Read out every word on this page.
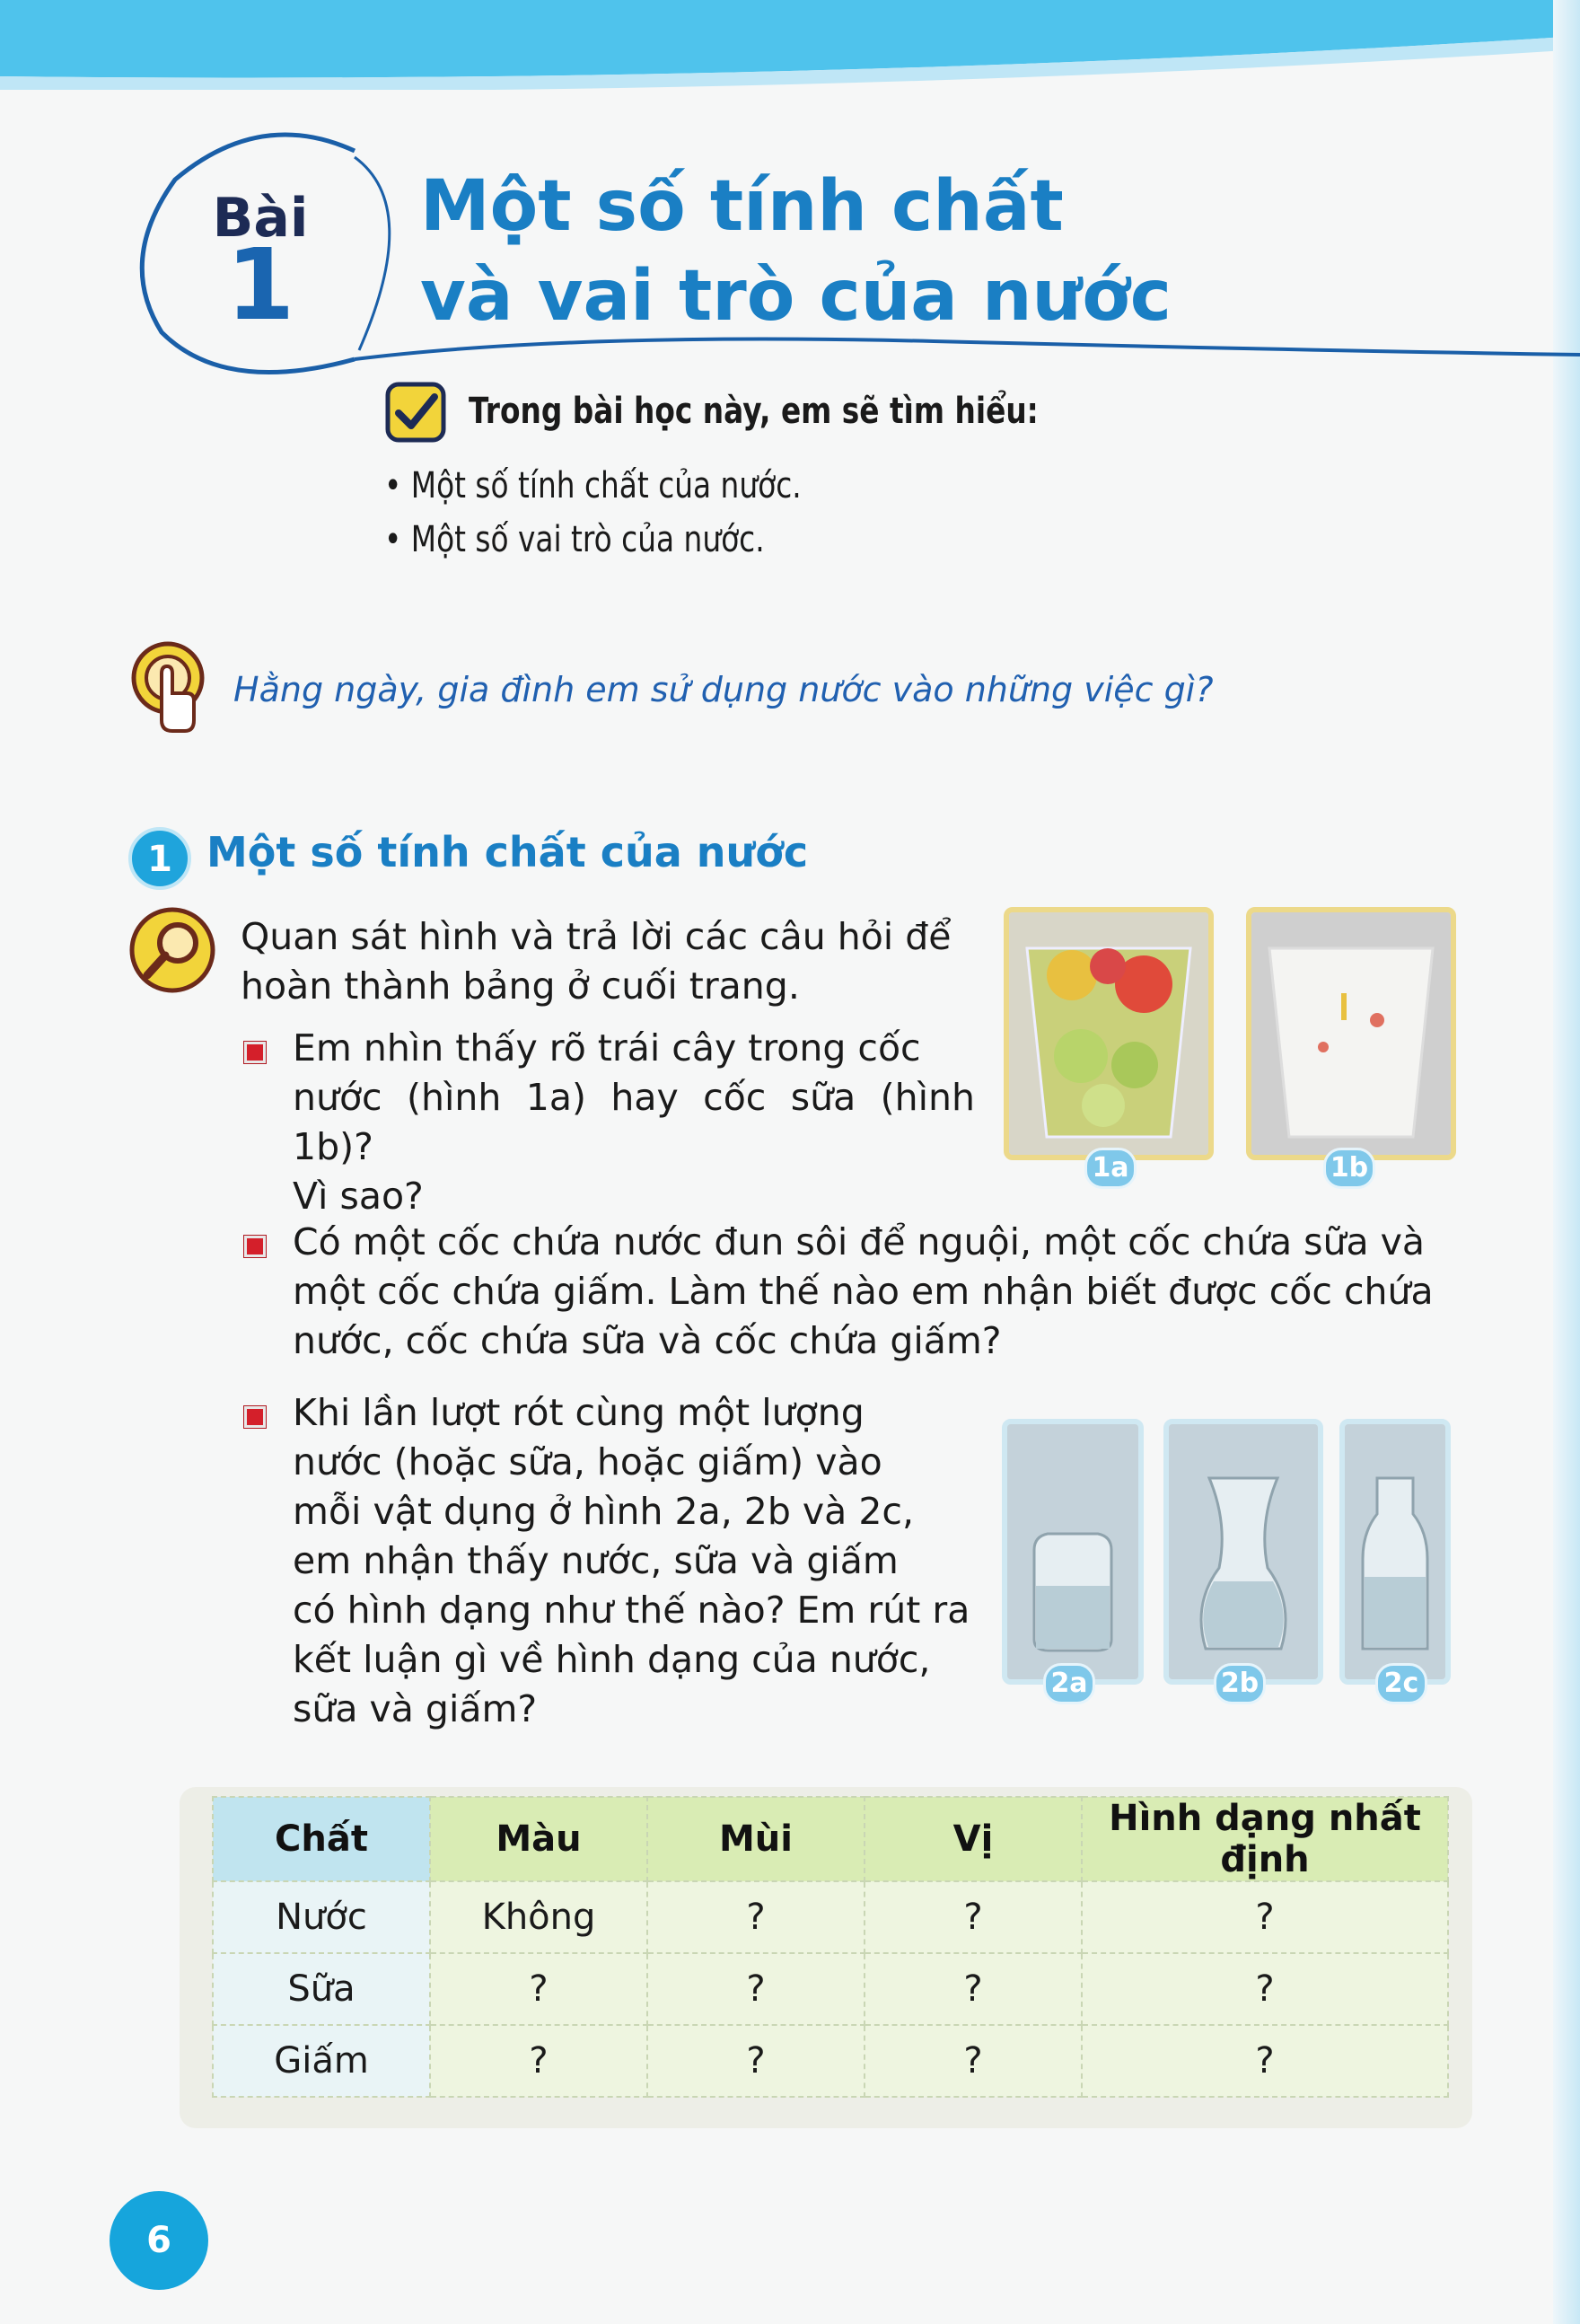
Bài
1
Một số tính chất
và vai trò của nước
Trong bài học này, em sẽ tìm hiểu:
• Một số tính chất của nước.
• Một số vai trò của nước.
Hằng ngày, gia đình em sử dụng nước vào những việc gì?
1 Một số tính chất của nước
Quan sát hình và trả lời các câu hỏi để
hoàn thành bảng ở cuối trang.
Em nhìn thấy rõ trái cây trong cốc
nước (hình 1a) hay cốc sữa (hình 1b)?
Vì sao?
1a	1b
Có một cốc chứa nước đun sôi để nguội, một cốc chứa sữa và
một cốc chứa giấm. Làm thế nào em nhận biết được cốc chứa
nước, cốc chứa sữa và cốc chứa giấm?
Khi lần lượt rót cùng một lượng
nước (hoặc sữa, hoặc giấm) vào
mỗi vật dụng ở hình 2a, 2b và 2c,
em nhận thấy nước, sữa và giấm
có hình dạng như thế nào? Em rút ra
kết luận gì về hình dạng của nước,
sữa và giấm?
2a	2b	2c
Chất	Màu	Mùi	Vị	Hình dạng nhất định
Nước	Không	?	?	?
Sữa	?	?	?	?
Giấm	?	?	?	?
6
